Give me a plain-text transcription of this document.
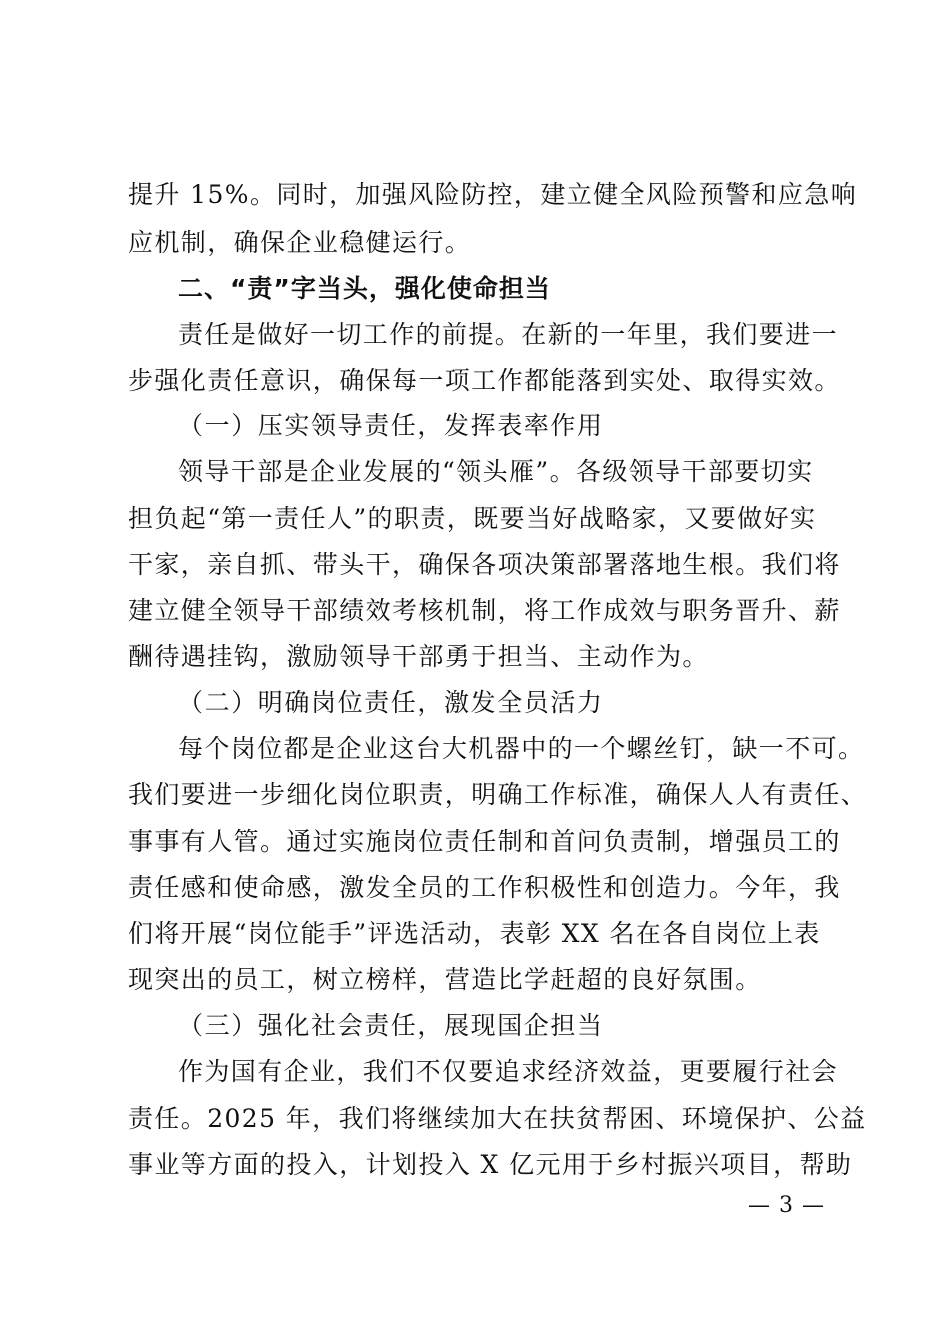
提升 15%。同时，加强风险防控，建立健全风险预警和应急响
应机制，确保企业稳健运行。
二、“责”字当头，强化使命担当
责任是做好一切工作的前提。在新的一年里，我们要进一
步强化责任意识，确保每一项工作都能落到实处、取得实效。
（一）压实领导责任，发挥表率作用
领导干部是企业发展的“领头雁”。各级领导干部要切实
担负起“第一责任人”的职责，既要当好战略家，又要做好实
干家，亲自抓、带头干，确保各项决策部署落地生根。我们将
建立健全领导干部绩效考核机制，将工作成效与职务晋升、薪
酬待遇挂钩，激励领导干部勇于担当、主动作为。
（二）明确岗位责任，激发全员活力
每个岗位都是企业这台大机器中的一个螺丝钉，缺一不可。
我们要进一步细化岗位职责，明确工作标准，确保人人有责任、
事事有人管。通过实施岗位责任制和首问负责制，增强员工的
责任感和使命感，激发全员的工作积极性和创造力。今年，我
们将开展“岗位能手”评选活动，表彰 XX 名在各自岗位上表
现突出的员工，树立榜样，营造比学赶超的良好氛围。
（三）强化社会责任，展现国企担当
作为国有企业，我们不仅要追求经济效益，更要履行社会
责任。2025 年，我们将继续加大在扶贫帮困、环境保护、公益
事业等方面的投入，计划投入 X 亿元用于乡村振兴项目，帮助
— 3 —
